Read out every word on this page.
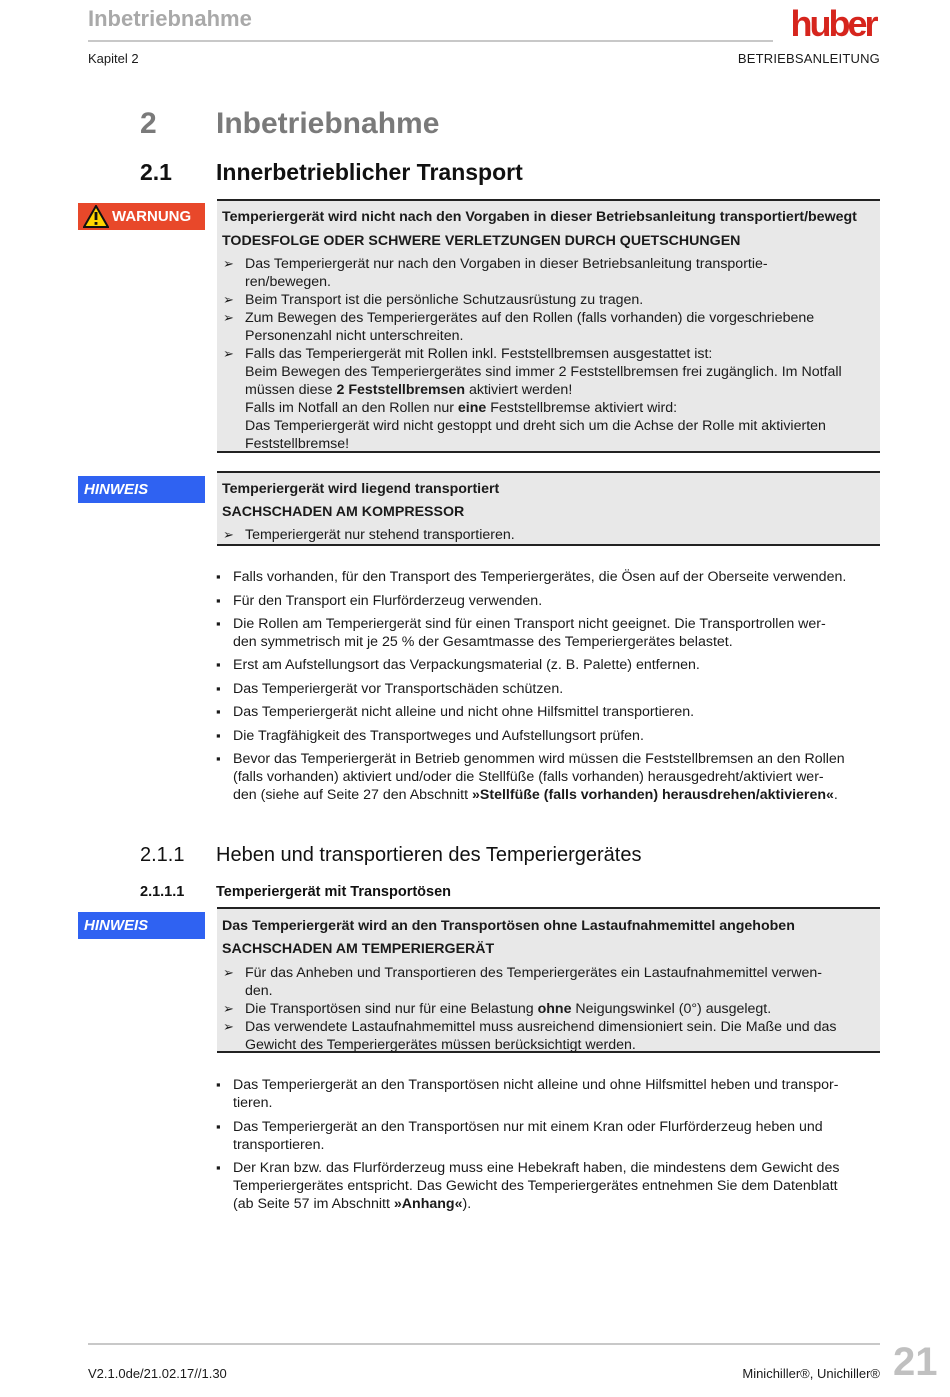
Inbetriebnahme	huber
Kapitel 2	BETRIEBSANLEITUNG
2 Inbetriebnahme
2.1 Innerbetrieblicher Transport
WARNUNG Temperiergerät wird nicht nach den Vorgaben in dieser Betriebsanleitung transportiert/bewegt
TODESFOLGE ODER SCHWERE VERLETZUNGEN DURCH QUETSCHUNGEN
➢ Das Temperiergerät nur nach den Vorgaben in dieser Betriebsanleitung transportie-
ren/bewegen.
➢ Beim Transport ist die persönliche Schutzausrüstung zu tragen.
➢ Zum Bewegen des Temperiergerätes auf den Rollen (falls vorhanden) die vorgeschriebene
Personenzahl nicht unterschreiten.
➢ Falls das Temperiergerät mit Rollen inkl. Feststellbremsen ausgestattet ist:
Beim Bewegen des Temperiergerätes sind immer 2 Feststellbremsen frei zugänglich. Im Notfall
müssen diese 2 Feststellbremsen aktiviert werden!
Falls im Notfall an den Rollen nur eine Feststellbremse aktiviert wird:
Das Temperiergerät wird nicht gestoppt und dreht sich um die Achse der Rolle mit aktivierten
Feststellbremse!
HINWEIS	Temperiergerät wird liegend transportiert
SACHSCHADEN AM KOMPRESSOR
➢ Temperiergerät nur stehend transportieren.
▪ Falls vorhanden, für den Transport des Temperiergerätes, die Ösen auf der Oberseite verwenden.
▪ Für den Transport ein Flurförderzeug verwenden.
▪ Die Rollen am Temperiergerät sind für einen Transport nicht geeignet. Die Transportrollen wer-
den symmetrisch mit je 25 % der Gesamtmasse des Temperiergerätes belastet.
▪ Erst am Aufstellungsort das Verpackungsmaterial (z. B. Palette) entfernen.
▪ Das Temperiergerät vor Transportschäden schützen.
▪ Das Temperiergerät nicht alleine und nicht ohne Hilfsmittel transportieren.
▪ Die Tragfähigkeit des Transportweges und Aufstellungsort prüfen.
▪ Bevor das Temperiergerät in Betrieb genommen wird müssen die Feststellbremsen an den Rollen
(falls vorhanden) aktiviert und/oder die Stellfüße (falls vorhanden) herausgedreht/aktiviert wer-
den (siehe auf Seite 27 den Abschnitt »Stellfüße (falls vorhanden) herausdrehen/aktivieren«.
2.1.1 Heben und transportieren des Temperiergerätes
2.1.1.1 Temperiergerät mit Transportösen
HINWEIS	Das Temperiergerät wird an den Transportösen ohne Lastaufnahmemittel angehoben
SACHSCHADEN AM TEMPERIERGERÄT
➢ Für das Anheben und Transportieren des Temperiergerätes ein Lastaufnahmemittel verwen-
den.
➢ Die Transportösen sind nur für eine Belastung ohne Neigungswinkel (0°) ausgelegt.
➢ Das verwendete Lastaufnahmemittel muss ausreichend dimensioniert sein. Die Maße und das
Gewicht des Temperiergerätes müssen berücksichtigt werden.
▪ Das Temperiergerät an den Transportösen nicht alleine und ohne Hilfsmittel heben und transpor-
tieren.
▪ Das Temperiergerät an den Transportösen nur mit einem Kran oder Flurförderzeug heben und
transportieren.
▪ Der Kran bzw. das Flurförderzeug muss eine Hebekraft haben, die mindestens dem Gewicht des
Temperiergerätes entspricht. Das Gewicht des Temperiergerätes entnehmen Sie dem Datenblatt
(ab Seite 57 im Abschnitt »Anhang«).
V2.1.0de/21.02.17//1.30	Minichiller®, Unichiller® 21
